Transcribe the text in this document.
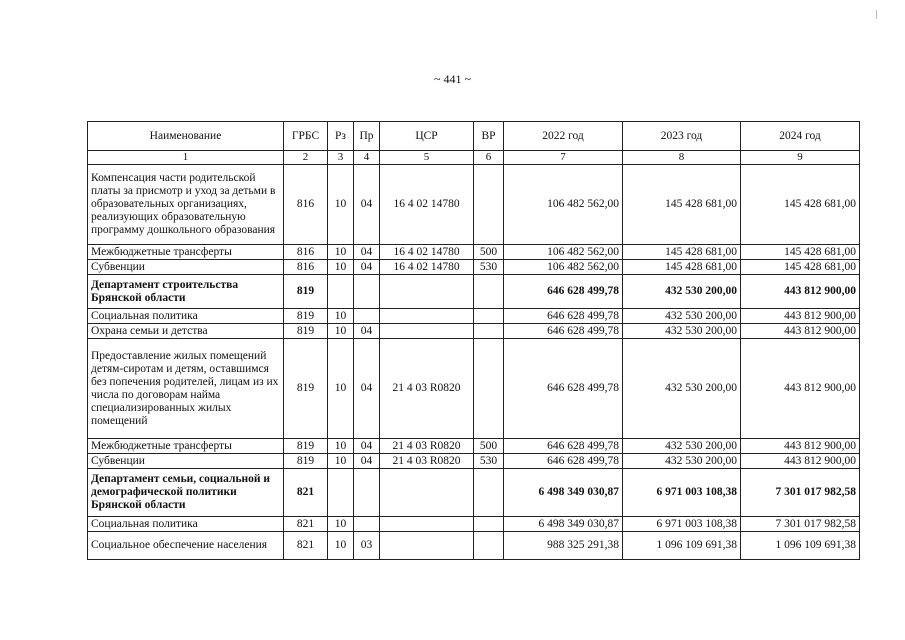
~ 441 ~
Наименование	ГРБС	Рз	Пр	ЦСР	ВР	2022 год	2023 год	2024 год
1	2	3	4	5	6	7	8	9
Компенсация части родительской платы за присмотр и уход за детьми в образовательных организациях, реализующих образовательную программу дошкольного образования	816	10	04	16 4 02 14780		106 482 562,00	145 428 681,00	145 428 681,00
Межбюджетные трансферты	816	10	04	16 4 02 14780	500	106 482 562,00	145 428 681,00	145 428 681,00
Субвенции	816	10	04	16 4 02 14780	530	106 482 562,00	145 428 681,00	145 428 681,00
Департамент строительства Брянской области	819					646 628 499,78	432 530 200,00	443 812 900,00
Социальная политика	819	10				646 628 499,78	432 530 200,00	443 812 900,00
Охрана семьи и детства	819	10	04			646 628 499,78	432 530 200,00	443 812 900,00
Предоставление жилых помещений детям-сиротам и детям, оставшимся без попечения родителей, лицам из их числа по договорам найма специализированных жилых помещений	819	10	04	21 4 03 R0820		646 628 499,78	432 530 200,00	443 812 900,00
Межбюджетные трансферты	819	10	04	21 4 03 R0820	500	646 628 499,78	432 530 200,00	443 812 900,00
Субвенции	819	10	04	21 4 03 R0820	530	646 628 499,78	432 530 200,00	443 812 900,00
Департамент семьи, социальной и демографической политики Брянской области	821					6 498 349 030,87	6 971 003 108,38	7 301 017 982,58
Социальная политика	821	10				6 498 349 030,87	6 971 003 108,38	7 301 017 982,58
Социальное обеспечение населения	821	10	03			988 325 291,38	1 096 109 691,38	1 096 109 691,38
